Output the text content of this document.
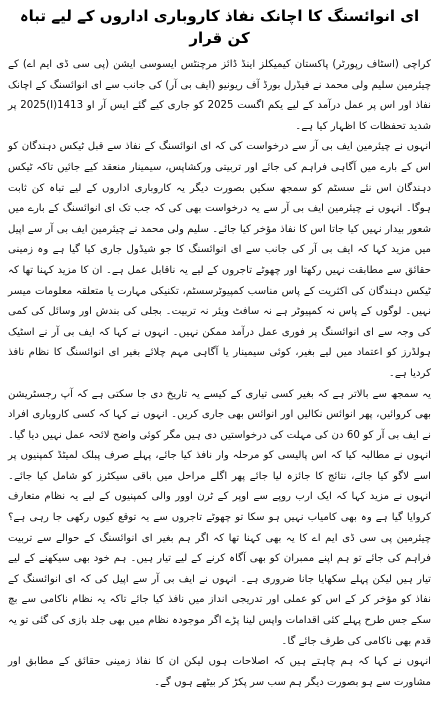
ای انوائسنگ کا اچانک نفاذ کاروباری اداروں کے لیے تباہ کن قرار

کراچی (اسٹاف رپورٹر) پاکستان کیمیکلز اینڈ ڈائز مرچنٹس ایسوسی ایشن (پی سی ڈی ایم اے) کے چیئرمین سلیم ولی محمد نے فیڈرل بورڈ آف ریونیو (ایف بی آر) کی جانب سے ای انوائسنگ کے اچانک نفاذ اور اس پر عمل درآمد کے لیے یکم اگست 2025 کو جاری کیے گئے ایس آر او 1413(I)2025 پر شدید تحفظات کا اظہار کیا ہے۔

انہوں نے چیئرمین ایف بی آر سے درخواست کی کہ ای انوائسنگ کے نفاذ سے قبل ٹیکس دہندگان کو اس کے بارے میں آگاہی فراہم کی جائے اور تربیتی ورکشاپس، سیمینار منعقد کیے جائیں تاکہ ٹیکس دہندگان اس نئے سسٹم کو سمجھ سکیں بصورت دیگر یہ کاروباری اداروں کے لیے تباہ کن ثابت ہوگا۔ انہوں نے چیئرمین ایف بی آر سے یہ درخواست بھی کی کہ جب تک ای انوائسنگ کے بارے میں شعور بیدار نہیں کیا جاتا اس کا نفاذ مؤخر کیا جائے۔ سلیم ولی محمد نے چیئرمین ایف بی آر سے اپیل میں مزید کہا کہ ایف بی آر کی جانب سے ای انوائسنگ کا جو شیڈول جاری کیا گیا ہے وہ زمینی حقائق سے مطابقت نہیں رکھتا اور چھوٹے تاجروں کے لیے یہ ناقابل عمل ہے۔ ان کا مزید کہنا تھا کہ ٹیکس دہندگان کی اکثریت کے پاس مناسب کمپیوٹرسسٹم، تکنیکی مہارت یا متعلقہ معلومات میسر نہیں۔ لوگوں کے پاس نہ کمپیوٹر ہے نہ سافٹ ویئر نہ تربیت۔ بجلی کی بندش اور وسائل کی کمی کی وجہ سے ای انوائسنگ پر فوری عمل درآمد ممکن نہیں۔ انہوں نے کہا کہ ایف بی آر نے اسٹیک ہولڈرز کو اعتماد میں لیے بغیر، کوئی سیمینار یا آگاہی مہم چلائے بغیر ای انوائسنگ کا نظام نافذ کردیا ہے۔

یہ سمجھ سے بالاتر ہے کہ بغیر کسی تیاری کے کیسے یہ تاریخ دی جا سکتی ہے کہ آپ رجسٹریشن بھی کروائیں، پھر انوائس نکالیں اور انوائس بھی جاری کریں۔ انہوں نے کہا کہ کسی کاروباری افراد نے ایف بی آر کو 60 دن کی مہلت کی درخواستیں دی ہیں مگر کوئی واضح لائحہ عمل نہیں دیا گیا۔ انہوں نے مطالبہ کیا کہ اس پالیسی کو مرحلہ وار نافذ کیا جائے، پہلے صرف پبلک لمیٹڈ کمپنیوں پر اسے لاگو کیا جائے، نتائج کا جائزہ لیا جائے پھر اگلے مراحل میں باقی سیکٹرز کو شامل کیا جائے۔ انہوں نے مزید کہا کہ ایک ارب روپے سے اوپر کے ٹرن اوور والی کمپنیوں کے لیے یہ نظام متعارف کروایا گیا ہے وہ بھی کامیاب نہیں ہو سکا تو چھوٹے تاجروں سے یہ توقع کیوں رکھی جا رہی ہے؟ چیئرمین پی سی ڈی ایم اے کا یہ بھی کہنا تھا کہ اگر ہم بغیر ای انوائسنگ کے حوالے سے تربیت فراہم کی جائے تو ہم اپنے ممبران کو بھی آگاہ کرنے کے لیے تیار ہیں۔ ہم خود بھی سیکھنے کے لیے تیار ہیں لیکن پہلے سکھایا جانا ضروری ہے۔ انہوں نے ایف بی آر سے اپیل کی کہ ای انوائسنگ کے نفاذ کو مؤخر کر کے اس کو عملی اور تدریجی انداز میں نافذ کیا جائے تاکہ یہ نظام ناکامی سے بچ سکے جس طرح پہلے کئی اقدامات واپس لینا پڑے اگر موجودہ نظام میں بھی جلد بازی کی گئی تو یہ قدم بھی ناکامی کی طرف جائے گا۔

انہوں نے کہا کہ ہم چاہتے ہیں کہ اصلاحات ہوں لیکن ان کا نفاذ زمینی حقائق کے مطابق اور مشاورت سے ہو بصورت دیگر ہم سب سر پکڑ کر بیٹھے ہوں گے۔
